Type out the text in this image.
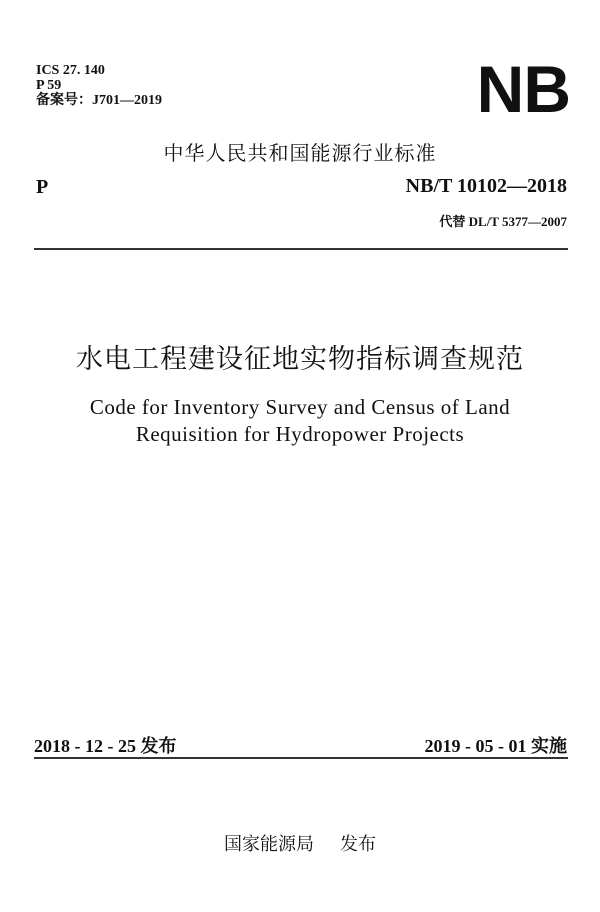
ICS 27. 140
P 59
备案号：J701—2019	NB
中华人民共和国能源行业标准
P	NB/T 10102—2018
代替 DL/T 5377—2007
水电工程建设征地实物指标调查规范
Code for Inventory Survey and Census of Land
Requisition for Hydropower Projects
2018 - 12 - 25 发布	2019 - 05 - 01 实施
国家能源局 发布
